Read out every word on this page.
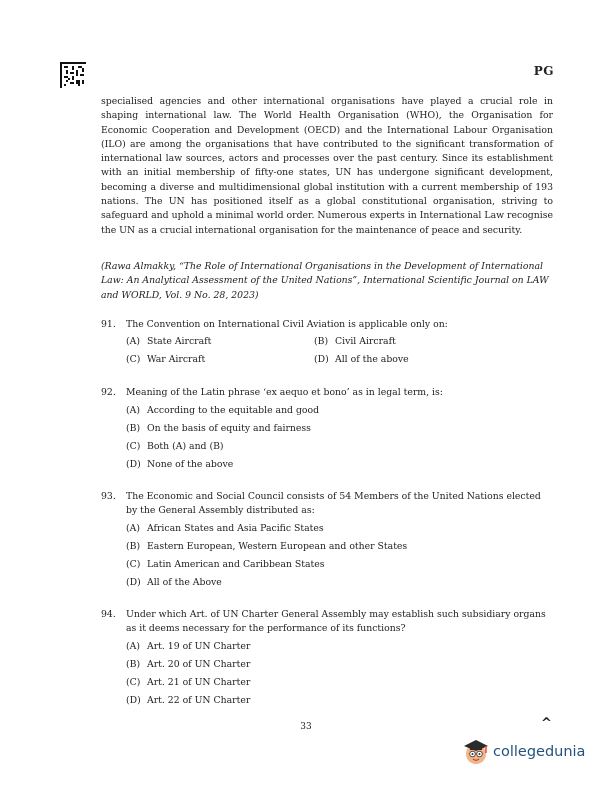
PG
specialised agencies and other international organisations have played a crucial role in shaping international law. The World Health Organisation (WHO), the Organisation for Economic Cooperation and Development (OECD) and the International Labour Organisation (ILO) are among the organisations that have contributed to the significant transformation of international law sources, actors and processes over the past century. Since its establishment with an initial membership of fifty-one states, UN has undergone significant development, becoming a diverse and multidimensional global institution with a current membership of 193 nations. The UN has positioned itself as a global constitutional organisation, striving to safeguard and uphold a minimal world order. Numerous experts in International Law recognise the UN as a crucial international organisation for the maintenance of peace and security.
(Rawa Almakky, “The Role of International Organisations in the Development of International Law: An Analytical Assessment of the United Nations”, International Scientific Journal on LAW and WORLD, Vol. 9 No. 28, 2023)
91.	The Convention on International Civil Aviation is applicable only on:
(A) State Aircraft	(B) Civil Aircraft
(C) War Aircraft	(D) All of the above
92.	Meaning of the Latin phrase ‘ex aequo et bono’ as in legal term, is:
(A) According to the equitable and good
(B) On the basis of equity and fairness
(C) Both (A) and (B)
(D) None of the above
93.	The Economic and Social Council consists of 54 Members of the United Nations elected by the General Assembly distributed as:
(A) African States and Asia Pacific States
(B) Eastern European, Western European and other States
(C) Latin American and Caribbean States
(D) All of the Above
94.	Under which Art. of UN Charter General Assembly may establish such subsidiary organs as it deems necessary for the performance of its functions?
(A) Art. 19 of UN Charter
(B) Art. 20 of UN Charter
(C) Art. 21 of UN Charter
(D) Art. 22 of UN Charter
33	^
collegedunia
